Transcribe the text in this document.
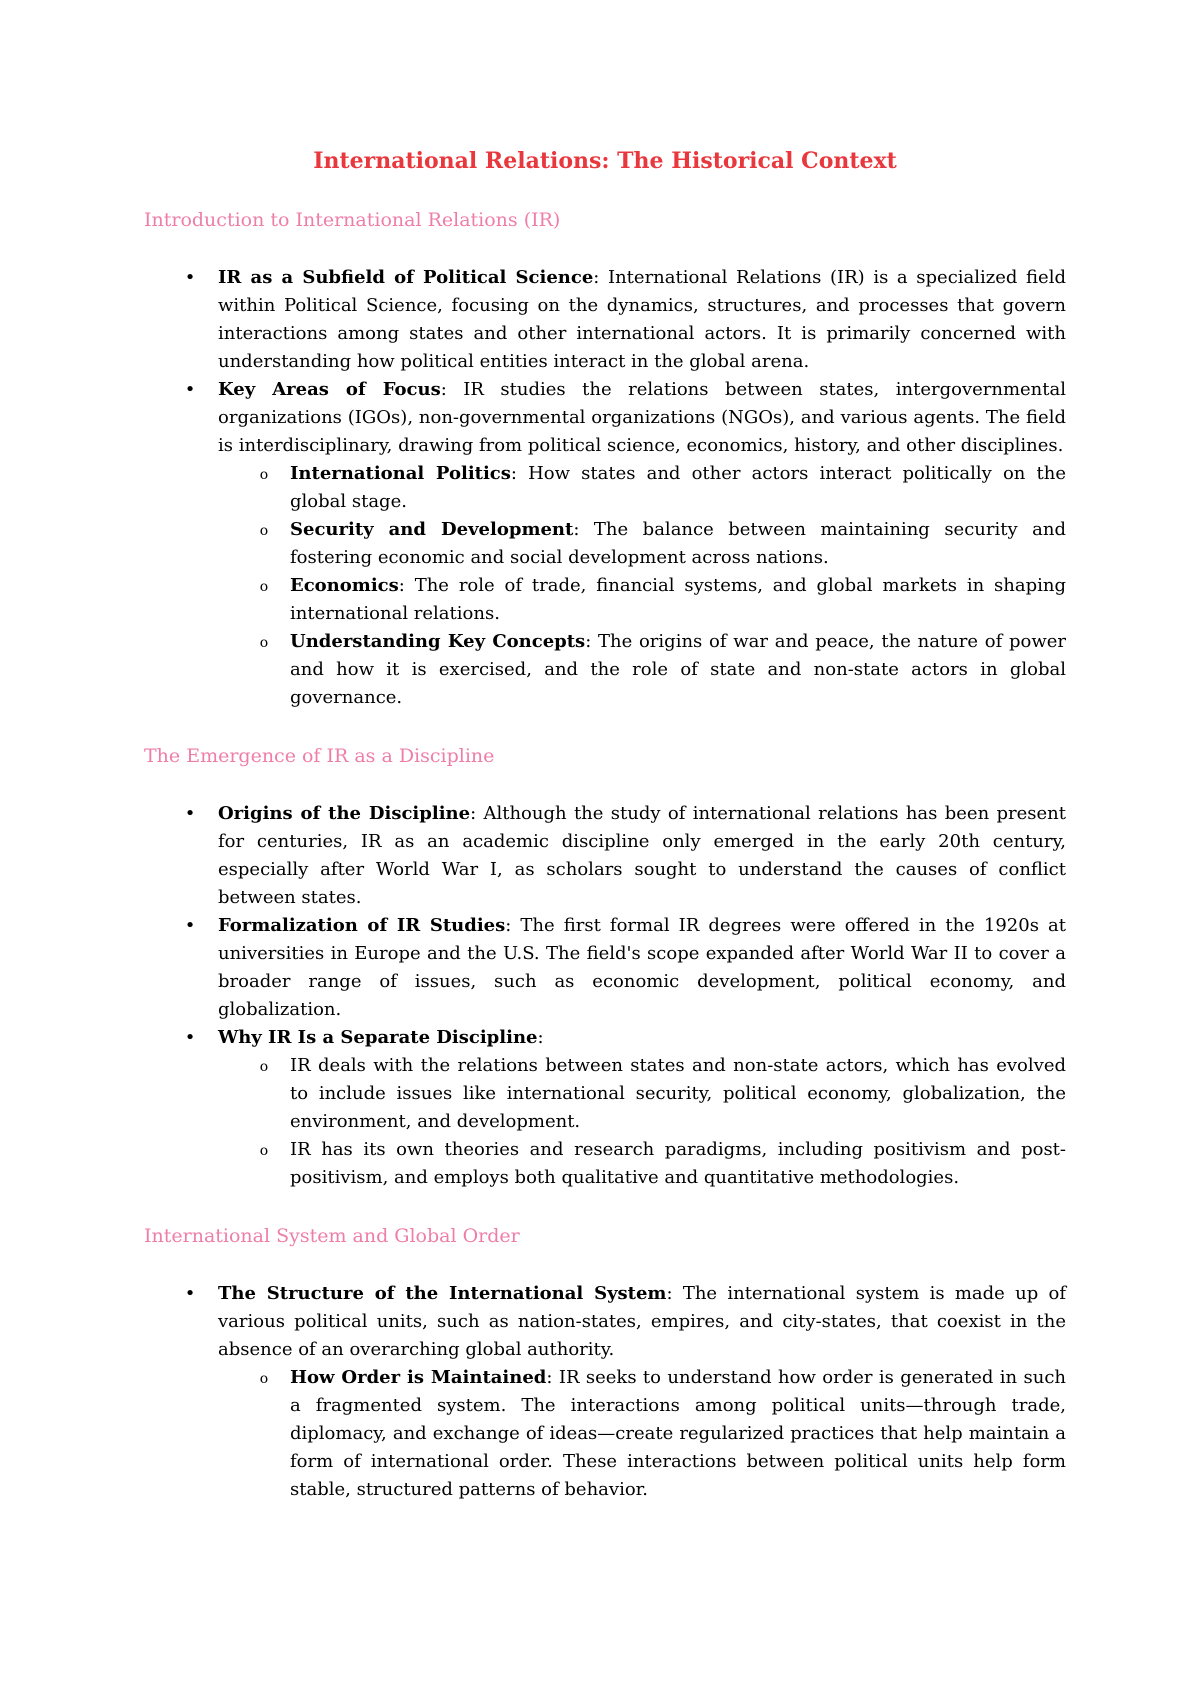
International Relations: The Historical Context
Introduction to International Relations (IR)
• IR as a Subfield of Political Science: International Relations (IR) is a specialized field within Political Science, focusing on the dynamics, structures, and processes that govern interactions among states and other international actors. It is primarily concerned with understanding how political entities interact in the global arena.
• Key Areas of Focus: IR studies the relations between states, intergovernmental organizations (IGOs), non-governmental organizations (NGOs), and various agents. The field is interdisciplinary, drawing from political science, economics, history, and other disciplines.
o	International Politics: How states and other actors interact politically on the global stage.
o	Security and Development: The balance between maintaining security and fostering economic and social development across nations.
o	Economics: The role of trade, financial systems, and global markets in shaping international relations.
o	Understanding Key Concepts: The origins of war and peace, the nature of power and how it is exercised, and the role of state and non-state actors in global governance.
The Emergence of IR as a Discipline
• Origins of the Discipline: Although the study of international relations has been present for centuries, IR as an academic discipline only emerged in the early 20th century, especially after World War I, as scholars sought to understand the causes of conflict between states.
• Formalization of IR Studies: The first formal IR degrees were offered in the 1920s at universities in Europe and the U.S. The field's scope expanded after World War II to cover a broader range of issues, such as economic development, political economy, and globalization.
• Why IR Is a Separate Discipline:
o	IR deals with the relations between states and non-state actors, which has evolved to include issues like international security, political economy, globalization, the environment, and development.
o	IR has its own theories and research paradigms, including positivism and post-positivism, and employs both qualitative and quantitative methodologies.
International System and Global Order
• The Structure of the International System: The international system is made up of various political units, such as nation-states, empires, and city-states, that coexist in the absence of an overarching global authority.
o	How Order is Maintained: IR seeks to understand how order is generated in such a fragmented system. The interactions among political units—through trade, diplomacy, and exchange of ideas—create regularized practices that help maintain a form of international order. These interactions between political units help form stable, structured patterns of behavior.
